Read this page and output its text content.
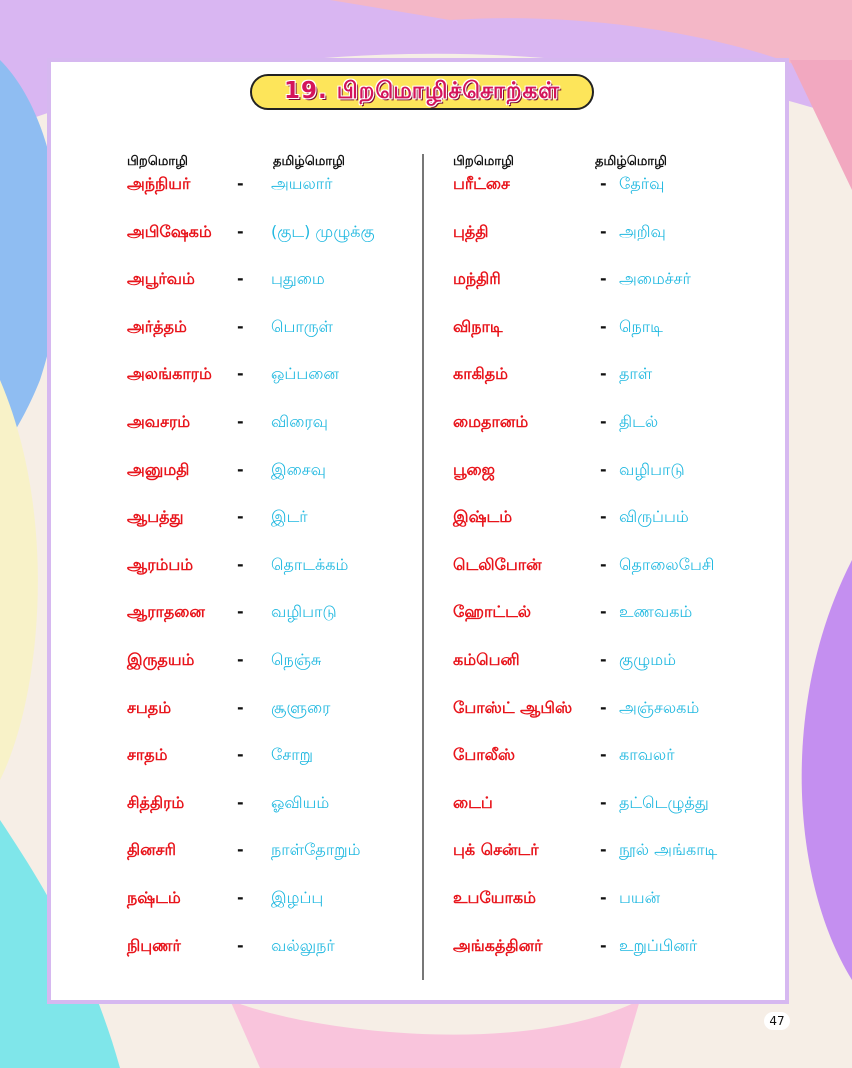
19. பிறமொழிச்சொற்கள்
பிறமொழி	தமிழ்மொழி
அந்நியர்	- அயலார்
அபிஷேகம் - (குட) முழுக்கு
அபூர்வம்	- புதுமை
அர்த்தம்	- பொருள்
அலங்காரம் - ஒப்பனை
அவசரம்	- விரைவு
அனுமதி	- இசைவு
ஆபத்து	- இடர்
ஆரம்பம்	- தொடக்கம்
ஆராதனை - வழிபாடு
இருதயம்	- நெஞ்சு
சபதம்	- சூளுரை
சாதம்	- சோறு
சித்திரம்	- ஓவியம்
தினசரி	- நாள்தோறும்
நஷ்டம்	- இழப்பு
நிபுணர்	- வல்லுநர்
பிறமொழி	தமிழ்மொழி
பரீட்சை	- தேர்வு
புத்தி	- அறிவு
மந்திரி	- அமைச்சர்
விநாடி	- நொடி
காகிதம்	- தாள்
மைதானம்	- திடல்
பூஜை	- வழிபாடு
இஷ்டம்	- விருப்பம்
டெலிபோன்	- தொலைபேசி
ஹோட்டல்	- உணவகம்
கம்பெனி	- குழுமம்
போஸ்ட் ஆபிஸ் - அஞ்சலகம்
போலீஸ்	- காவலர்
டைப்	- தட்டெழுத்து
புக் சென்டர்	- நூல் அங்காடி
உபயோகம்	- பயன்
அங்கத்தினர்	- உறுப்பினர்
47
